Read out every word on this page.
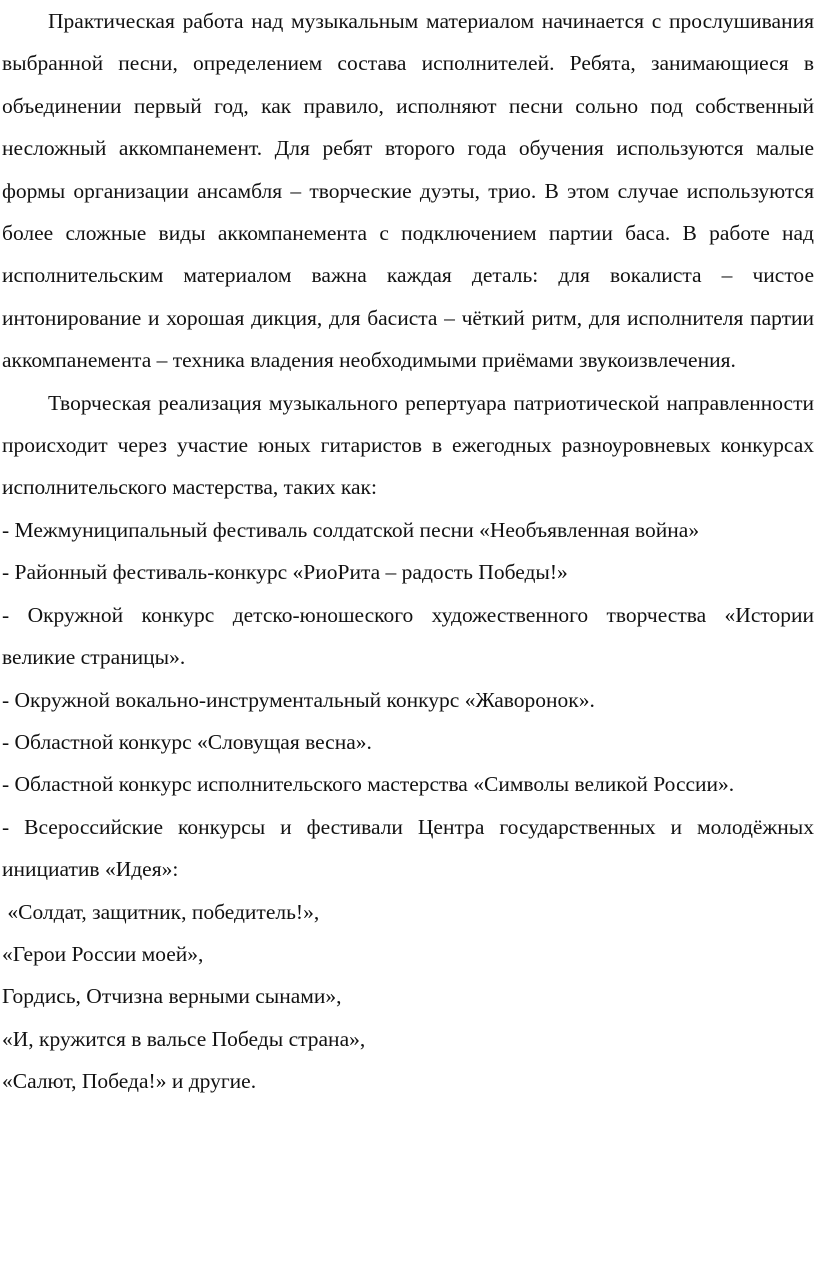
Практическая работа над музыкальным материалом начинается с прослушивания выбранной песни, определением состава исполнителей. Ребята, занимающиеся в объединении первый год, как правило, исполняют песни сольно под собственный несложный аккомпанемент. Для ребят второго года обучения используются малые формы организации ансамбля – творческие дуэты, трио. В этом случае используются более сложные виды аккомпанемента с подключением партии баса. В работе над исполнительским материалом важна каждая деталь: для вокалиста – чистое интонирование и хорошая дикция, для басиста – чёткий ритм, для исполнителя партии аккомпанемента – техника владения необходимыми приёмами звукоизвлечения.

Творческая реализация музыкального репертуара патриотической направленности происходит через участие юных гитаристов в ежегодных разноуровневых конкурсах исполнительского мастерства, таких как:

- Межмуниципальный фестиваль солдатской песни «Необъявленная война»

- Районный фестиваль-конкурс «РиоРита – радость Победы!»

- Окружной конкурс детско-юношеского художественного творчества «Истории великие страницы».

- Окружной вокально-инструментальный конкурс «Жаворонок».

- Областной конкурс «Словущая весна».

- Областной конкурс исполнительского мастерства «Символы великой России».

- Всероссийские конкурсы и фестивали Центра государственных и молодёжных инициатив «Идея»:

«Солдат, защитник, победитель!»,

«Герои России моей»,

Гордись, Отчизна верными сынами»,

«И, кружится в вальсе Победы страна»,

«Салют, Победа!» и другие.
